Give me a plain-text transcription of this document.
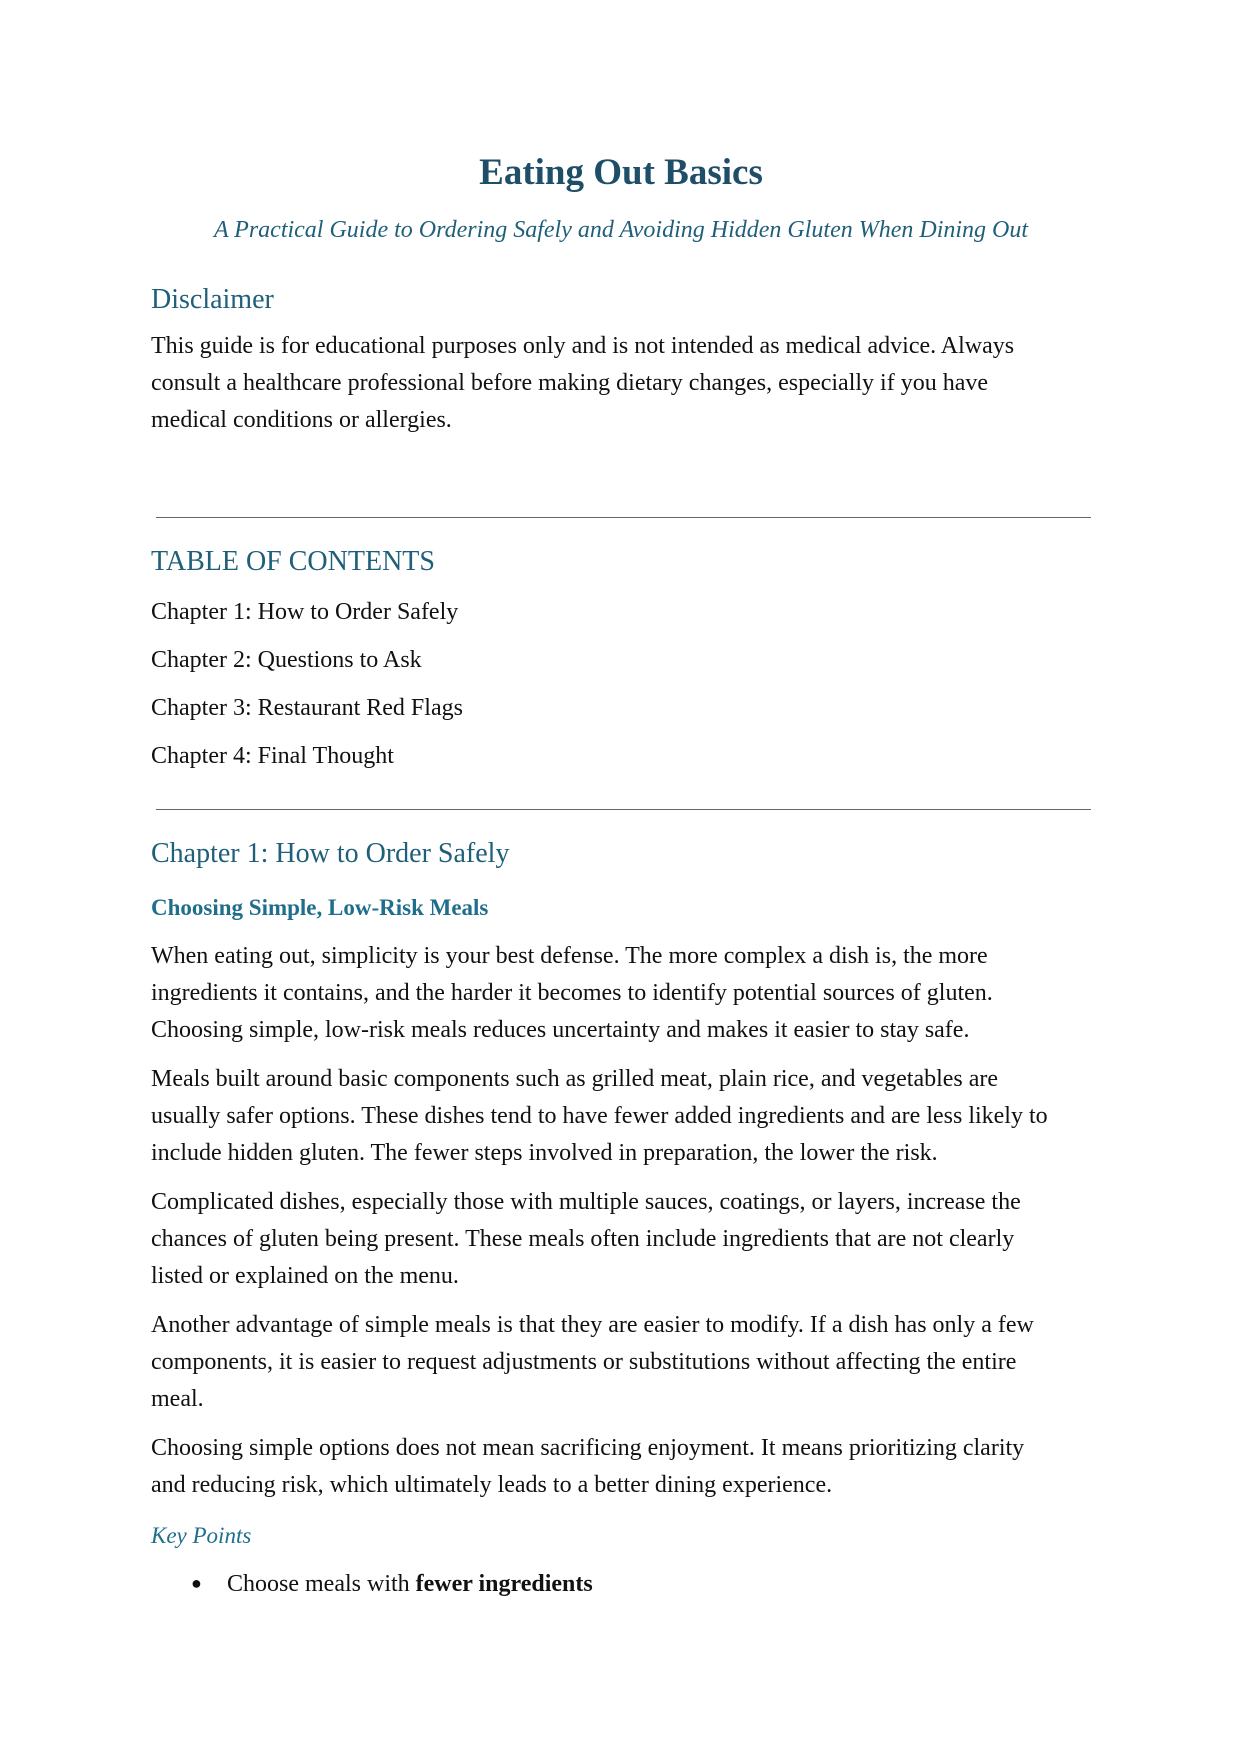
Eating Out Basics

A Practical Guide to Ordering Safely and Avoiding Hidden Gluten When Dining Out

Disclaimer

This guide is for educational purposes only and is not intended as medical advice. Always

consult a healthcare professional before making dietary changes, especially if you have

medical conditions or allergies.

TABLE OF CONTENTS

Chapter 1: How to Order Safely

Chapter 2: Questions to Ask

Chapter 3: Restaurant Red Flags

Chapter 4: Final Thought

Chapter 1: How to Order Safely
Choosing Simple, Low-Risk Meals

When eating out, simplicity is your best defense. The more complex a dish is, the more

ingredients it contains, and the harder it becomes to identify potential sources of gluten.

Choosing simple, low-risk meals reduces uncertainty and makes it easier to stay safe.

Meals built around basic components such as grilled meat, plain rice, and vegetables are

usually safer options. These dishes tend to have fewer added ingredients and are less likely to

include hidden gluten. The fewer steps involved in preparation, the lower the risk.

Complicated dishes, especially those with multiple sauces, coatings, or layers, increase the

chances of gluten being present. These meals often include ingredients that are not clearly

listed or explained on the menu.

Another advantage of simple meals is that they are easier to modify. If a dish has only a few

components, it is easier to request adjustments or substitutions without affecting the entire

meal.

Choosing simple options does not mean sacrificing enjoyment. It means prioritizing clarity

and reducing risk, which ultimately leads to a better dining experience.

Key Points

● Choose meals with fewer ingredients
